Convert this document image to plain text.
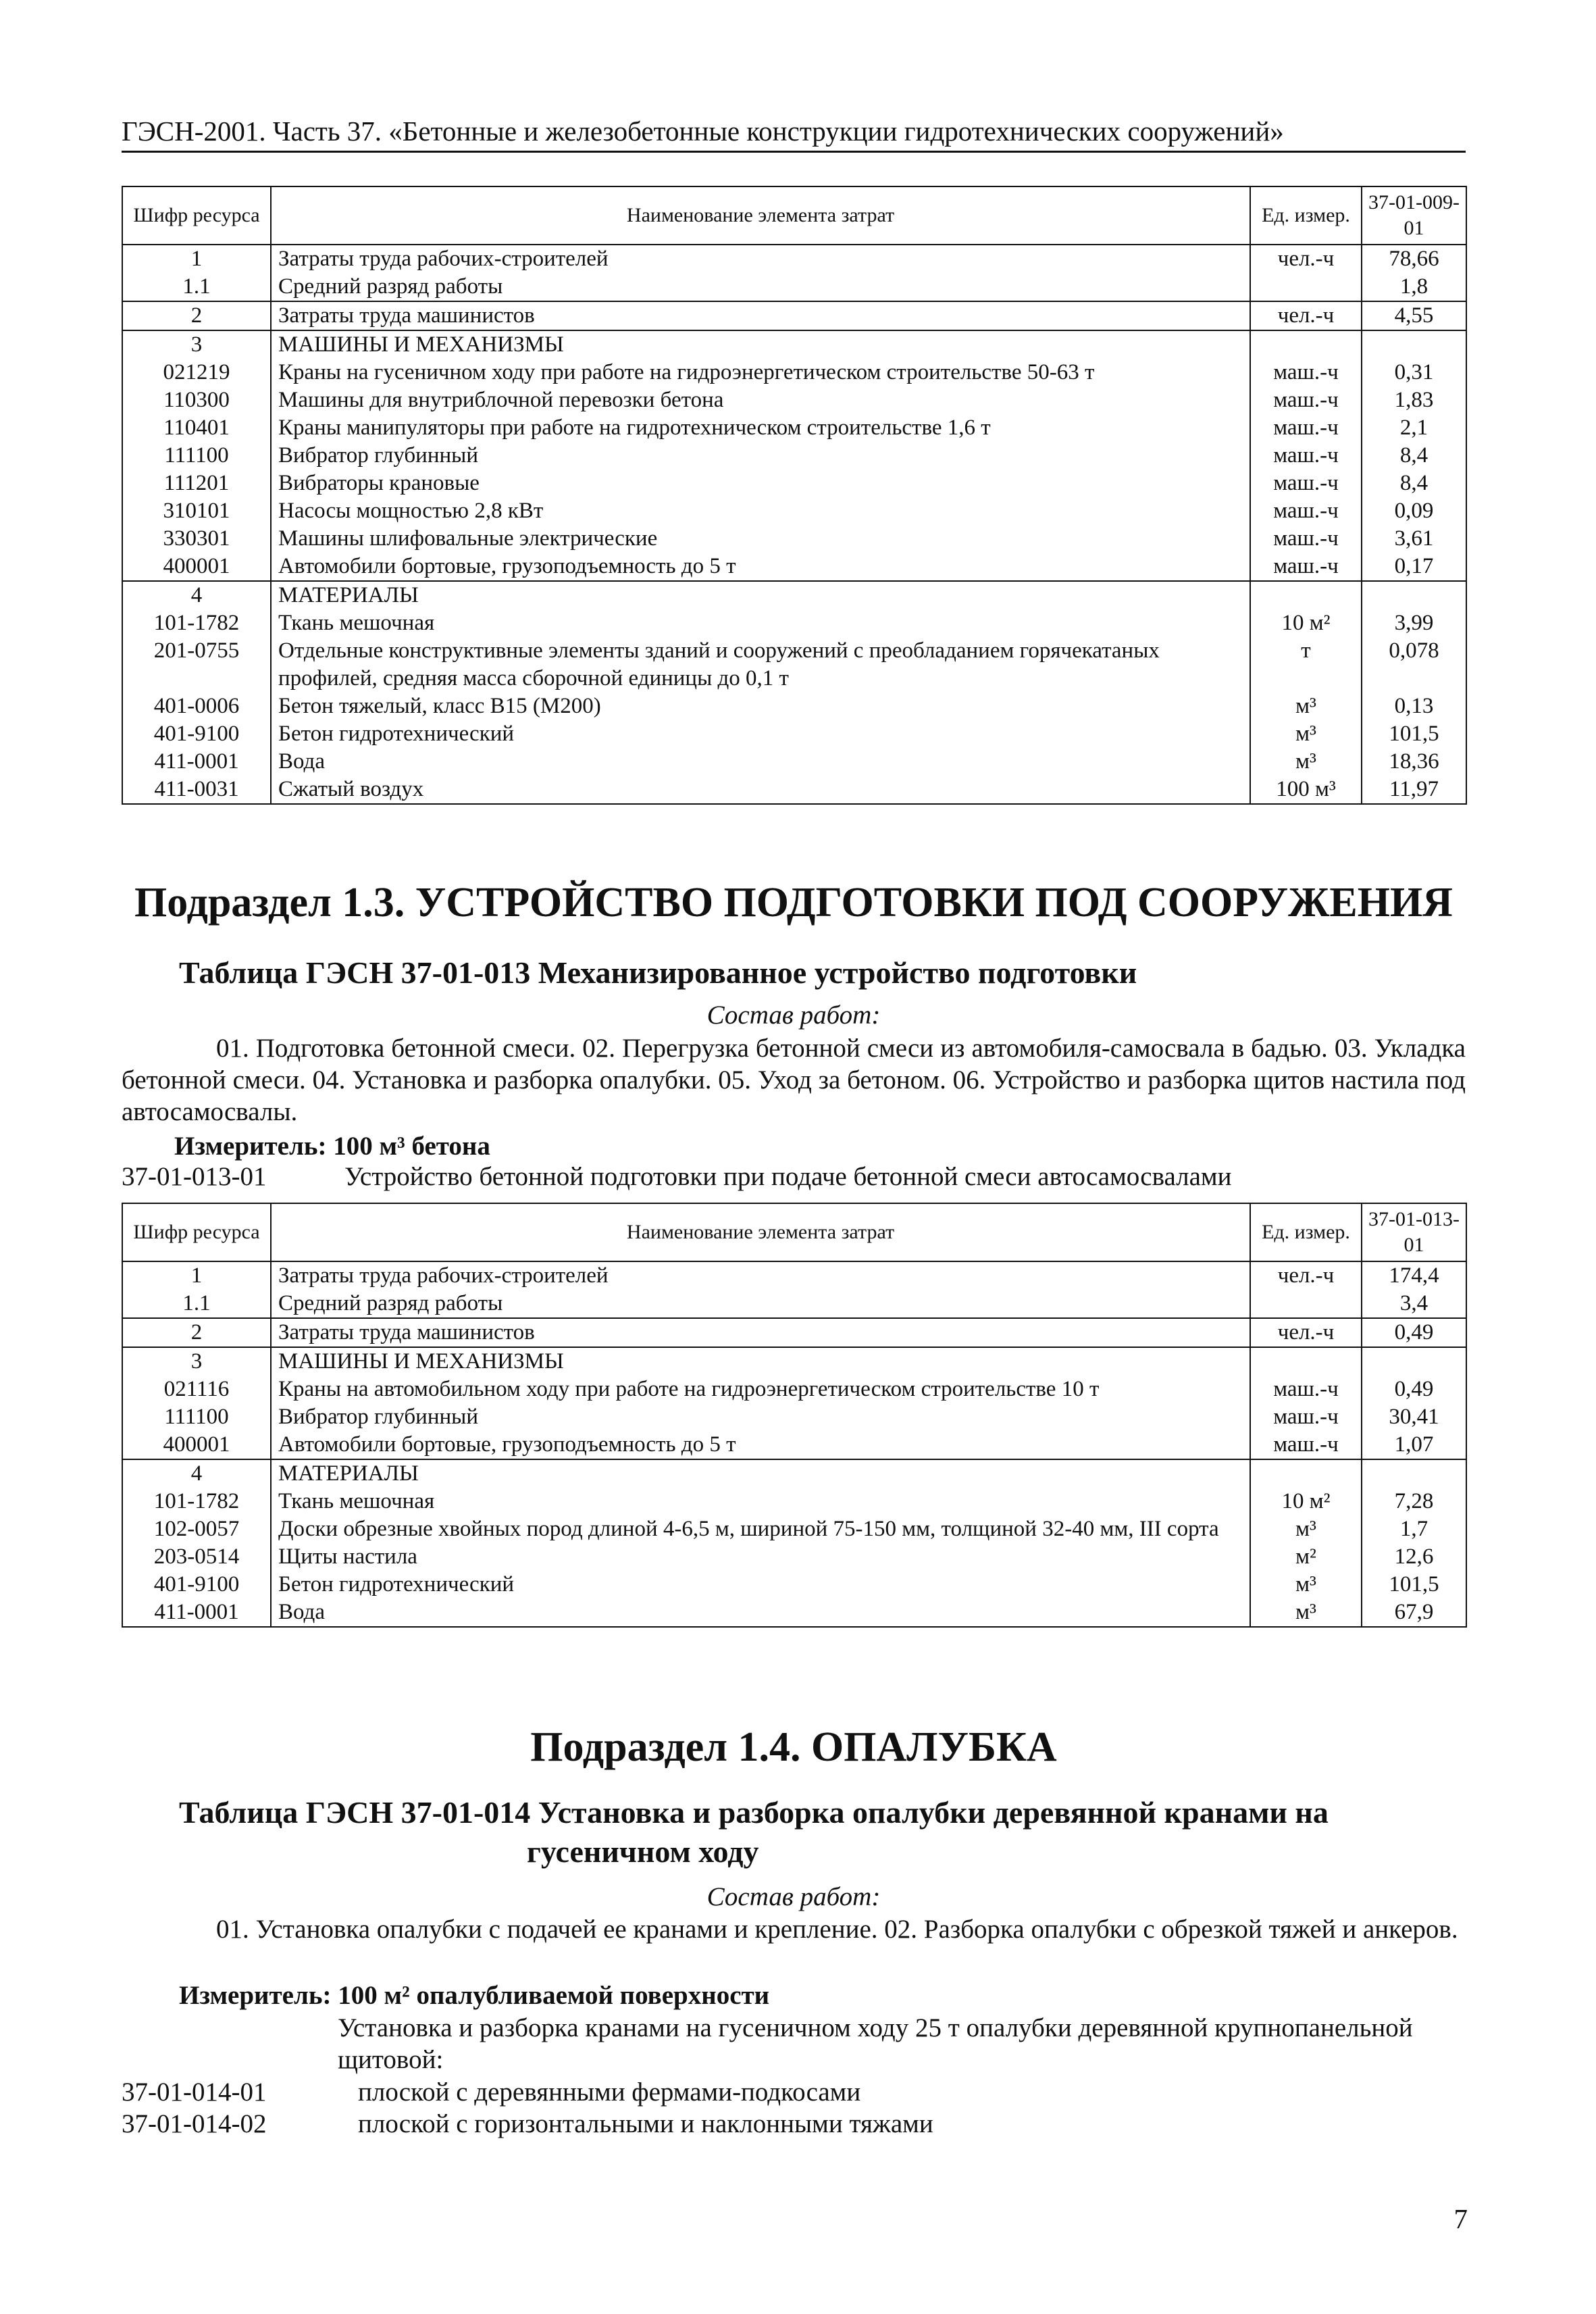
ГЭСН-2001. Часть 37. «Бетонные и железобетонные конструкции гидротехнических сооружений»
Шифр ресурса	Наименование элемента затрат	Ед. измер.	37-01-009-01
1	Затраты труда рабочих-строителей	чел.-ч	78,66
1.1	Средний разряд работы		1,8
2	Затраты труда машинистов	чел.-ч	4,55
3	МАШИНЫ И МЕХАНИЗМЫ		
021219	Краны на гусеничном ходу при работе на гидроэнергетическом строительстве 50-63 т	маш.-ч	0,31
110300	Машины для внутриблочной перевозки бетона	маш.-ч	1,83
110401	Краны манипуляторы при работе на гидротехническом строительстве 1,6 т	маш.-ч	2,1
111100	Вибратор глубинный	маш.-ч	8,4
111201	Вибраторы крановые	маш.-ч	8,4
310101	Насосы мощностью 2,8 кВт	маш.-ч	0,09
330301	Машины шлифовальные электрические	маш.-ч	3,61
400001	Автомобили бортовые, грузоподъемность до 5 т	маш.-ч	0,17
4	МАТЕРИАЛЫ		
101-1782	Ткань мешочная	10 м²	3,99
201-0755	Отдельные конструктивные элементы зданий и сооружений с преобладанием горячекатаных профилей, средняя масса сборочной единицы до 0,1 т	т	0,078
401-0006	Бетон тяжелый, класс В15 (М200)	м³	0,13
401-9100	Бетон гидротехнический	м³	101,5
411-0001	Вода	м³	18,36
411-0031	Сжатый воздух	100 м³	11,97
Подраздел 1.3. УСТРОЙСТВО ПОДГОТОВКИ ПОД СООРУЖЕНИЯ
Таблица ГЭСН 37-01-013 Механизированное устройство подготовки
Состав работ:

01. Подготовка бетонной смеси. 02. Перегрузка бетонной смеси из автомобиля-самосвала в бадью. 03. Укладка бетонной смеси. 04. Установка и разборка опалубки. 05. Уход за бетоном. 06. Устройство и разборка щитов настила под автосамосвалы.

Измеритель: 100 м³ бетона
37-01-013-01	Устройство бетонной подготовки при подаче бетонной смеси автосамосвалами
Шифр ресурса	Наименование элемента затрат	Ед. измер.	37-01-013-01
1	Затраты труда рабочих-строителей	чел.-ч	174,4
1.1	Средний разряд работы		3,4
2	Затраты труда машинистов	чел.-ч	0,49
3	МАШИНЫ И МЕХАНИЗМЫ		
021116	Краны на автомобильном ходу при работе на гидроэнергетическом строительстве 10 т	маш.-ч	0,49
111100	Вибратор глубинный	маш.-ч	30,41
400001	Автомобили бортовые, грузоподъемность до 5 т	маш.-ч	1,07
4	МАТЕРИАЛЫ		
101-1782	Ткань мешочная	10 м²	7,28
102-0057	Доски обрезные хвойных пород длиной 4-6,5 м, шириной 75-150 мм, толщиной 32-40 мм, III сорта	м³	1,7
203-0514	Щиты настила	м²	12,6
401-9100	Бетон гидротехнический	м³	101,5
411-0001	Вода	м³	67,9
Подраздел 1.4. ОПАЛУБКА
Таблица ГЭСН 37-01-014 Установка и разборка опалубки деревянной кранами на
гусеничном ходу
Состав работ:

01. Установка опалубки с подачей ее кранами и крепление. 02. Разборка опалубки с обрезкой тяжей и анкеров.

Измеритель: 100 м² опалубливаемой поверхности
Установка и разборка кранами на гусеничном ходу 25 т опалубки деревянной крупнопанельной щитовой:
37-01-014-01	плоской с деревянными фермами-подкосами
37-01-014-02	плоской с горизонтальными и наклонными тяжами
7
